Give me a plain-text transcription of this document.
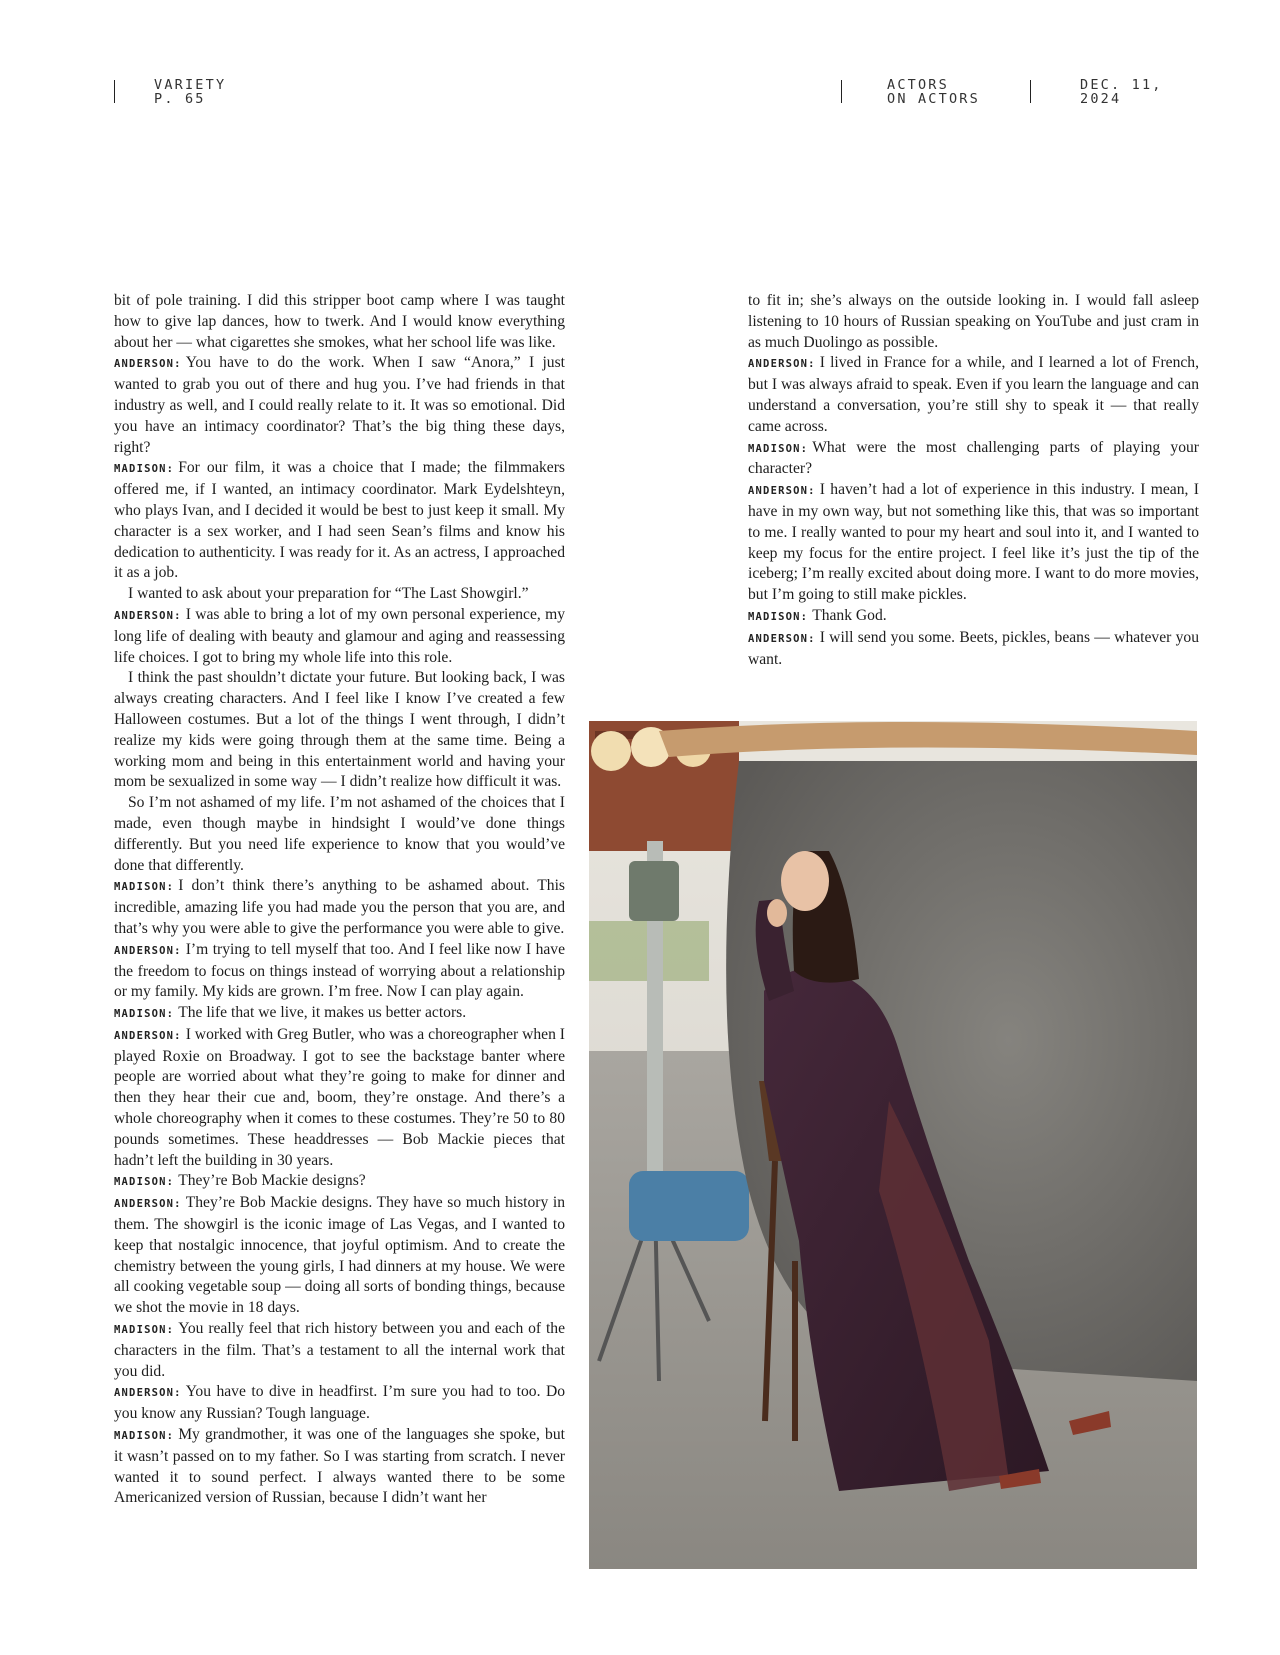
VARIETY
P. 65
ACTORS
ON ACTORS
DEC. 11,
2024

bit of pole training. I did this stripper boot camp where I was taught how to give lap dances, how to twerk. And I would know everything about her — what cigarettes she smokes, what her school life was like.

ANDERSON: You have to do the work. When I saw “Anora,” I just wanted to grab you out of there and hug you. I’ve had friends in that industry as well, and I could really relate to it. It was so emotional. Did you have an intimacy coordinator? That’s the big thing these days, right?

MADISON: For our film, it was a choice that I made; the filmmakers offered me, if I wanted, an intimacy coordinator. Mark Eydelshteyn, who plays Ivan, and I decided it would be best to just keep it small. My character is a sex worker, and I had seen Sean’s films and know his dedication to authenticity. I was ready for it. As an actress, I approached it as a job.

I wanted to ask about your preparation for “The Last Showgirl.”

ANDERSON: I was able to bring a lot of my own personal experience, my long life of dealing with beauty and glamour and aging and reassessing life choices. I got to bring my whole life into this role.

I think the past shouldn’t dictate your future. But looking back, I was always creating characters. And I feel like I know I’ve created a few Halloween costumes. But a lot of the things I went through, I didn’t realize my kids were going through them at the same time. Being a working mom and being in this entertainment world and having your mom be sexualized in some way — I didn’t realize how difficult it was.

So I’m not ashamed of my life. I’m not ashamed of the choices that I made, even though maybe in hindsight I would’ve done things differently. But you need life experience to know that you would’ve done that differently.

MADISON: I don’t think there’s anything to be ashamed about. This incredible, amazing life you had made you the person that you are, and that’s why you were able to give the performance you were able to give.

ANDERSON: I’m trying to tell myself that too. And I feel like now I have the freedom to focus on things instead of worrying about a relationship or my family. My kids are grown. I’m free. Now I can play again.

MADISON: The life that we live, it makes us better actors.

ANDERSON: I worked with Greg Butler, who was a choreographer when I played Roxie on Broadway. I got to see the backstage banter where people are worried about what they’re going to make for dinner and then they hear their cue and, boom, they’re onstage. And there’s a whole choreography when it comes to these costumes. They’re 50 to 80 pounds sometimes. These headdresses — Bob Mackie pieces that hadn’t left the building in 30 years.

MADISON: They’re Bob Mackie designs?

ANDERSON: They’re Bob Mackie designs. They have so much history in them. The showgirl is the iconic image of Las Vegas, and I wanted to keep that nostalgic innocence, that joyful optimism. And to create the chemistry between the young girls, I had dinners at my house. We were all cooking vegetable soup — doing all sorts of bonding things, because we shot the movie in 18 days.

MADISON: You really feel that rich history between you and each of the characters in the film. That’s a testament to all the internal work that you did.

ANDERSON: You have to dive in headfirst. I’m sure you had to too. Do you know any Russian? Tough language.

MADISON: My grandmother, it was one of the languages she spoke, but it wasn’t passed on to my father. So I was starting from scratch. I never wanted it to sound perfect. I always wanted there to be some Americanized version of Russian, because I didn’t want her

to fit in; she’s always on the outside looking in. I would fall asleep listening to 10 hours of Russian speaking on YouTube and just cram in as much Duolingo as possible.

ANDERSON: I lived in France for a while, and I learned a lot of French, but I was always afraid to speak. Even if you learn the language and can understand a conversation, you’re still shy to speak it — that really came across.

MADISON: What were the most challenging parts of playing your character?

ANDERSON: I haven’t had a lot of experience in this industry. I mean, I have in my own way, but not something like this, that was so important to me. I really wanted to pour my heart and soul into it, and I wanted to keep my focus for the entire project. I feel like it’s just the tip of the iceberg; I’m really excited about doing more. I want to do more movies, but I’m going to still make pickles.

MADISON: Thank God.

ANDERSON: I will send you some. Beets, pickles, beans — whatever you want.
